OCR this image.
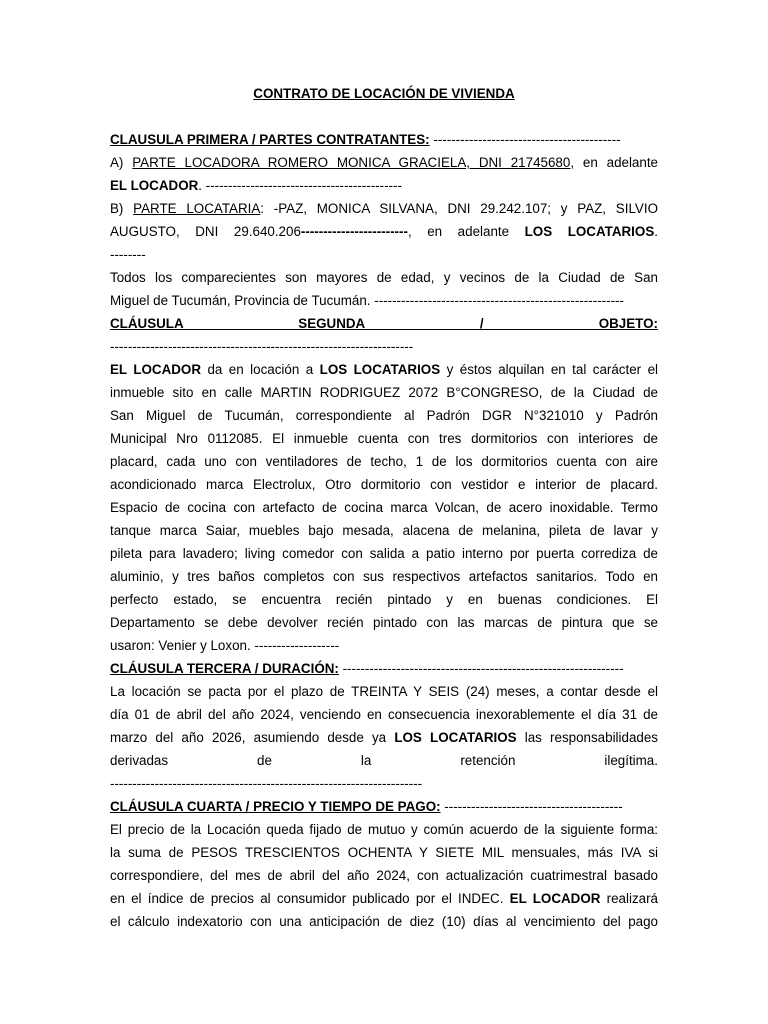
CONTRATO DE LOCACIÓN DE VIVIENDA
CLAUSULA PRIMERA / PARTES CONTRATANTES: ------------------------------------------
A) PARTE LOCADORA ROMERO MONICA GRACIELA, DNI 21745680, en adelante
EL LOCADOR. --------------------------------------------
B) PARTE LOCATARIA: -PAZ, MONICA SILVANA, DNI 29.242.107; y PAZ, SILVIO
AUGUSTO, DNI 29.640.206------------------------, en adelante LOS LOCATARIOS.
--------
Todos los comparecientes son mayores de edad, y vecinos de la Ciudad de San
Miguel de Tucumán, Provincia de Tucumán. --------------------------------------------------------
CLÁUSULA	SEGUNDA	/	OBJETO:
--------------------------------------------------------------------
EL LOCADOR da en locación a LOS LOCATARIOS y éstos alquilan en tal carácter el
inmueble sito en calle MARTIN RODRIGUEZ 2072 B°CONGRESO, de la Ciudad de
San Miguel de Tucumán, correspondiente al Padrón DGR N°321010 y Padrón
Municipal Nro 0112085. El inmueble cuenta con tres dormitorios con interiores de
placard, cada uno con ventiladores de techo, 1 de los dormitorios cuenta con aire
acondicionado marca Electrolux, Otro dormitorio con vestidor e interior de placard.
Espacio de cocina con artefacto de cocina marca Volcan, de acero inoxidable. Termo
tanque marca Saiar, muebles bajo mesada, alacena de melanina, pileta de lavar y
pileta para lavadero; living comedor con salida a patio interno por puerta corrediza de
aluminio, y tres baños completos con sus respectivos artefactos sanitarios. Todo en
perfecto estado, se encuentra recién pintado y en buenas condiciones. El
Departamento se debe devolver recién pintado con las marcas de pintura que se
usaron: Venier y Loxon. -------------------
CLÁUSULA TERCERA / DURACIÓN: ---------------------------------------------------------------
La locación se pacta por el plazo de TREINTA Y SEIS (24) meses, a contar desde el
día 01 de abril del año 2024, venciendo en consecuencia inexorablemente el día 31 de
marzo del año 2026, asumiendo desde ya LOS LOCATARIOS las responsabilidades
derivadas	de	la	retención	ilegítima.
----------------------------------------------------------------------
CLÁUSULA CUARTA / PRECIO Y TIEMPO DE PAGO: ----------------------------------------
El precio de la Locación queda fijado de mutuo y común acuerdo de la siguiente forma:
la suma de PESOS TRESCIENTOS OCHENTA Y SIETE MIL mensuales, más IVA si
correspondiere, del mes de abril del año 2024, con actualización cuatrimestral basado
en el índice de precios al consumidor publicado por el INDEC. EL LOCADOR realizará
el cálculo indexatorio con una anticipación de diez (10) días al vencimiento del pago
